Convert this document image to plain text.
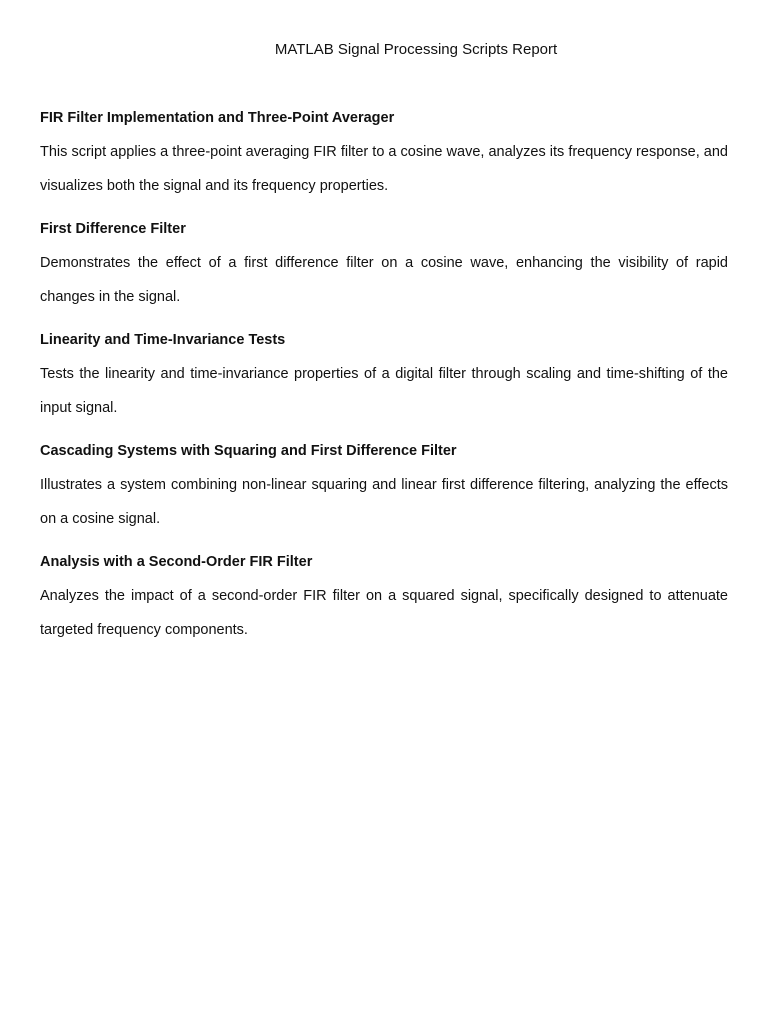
MATLAB Signal Processing Scripts Report
FIR Filter Implementation and Three-Point Averager

This script applies a three-point averaging FIR filter to a cosine wave, analyzes its frequency response, and visualizes both the signal and its frequency properties.

First Difference Filter

Demonstrates the effect of a first difference filter on a cosine wave, enhancing the visibility of rapid changes in the signal.

Linearity and Time-Invariance Tests

Tests the linearity and time-invariance properties of a digital filter through scaling and time-shifting of the input signal.

Cascading Systems with Squaring and First Difference Filter

Illustrates a system combining non-linear squaring and linear first difference filtering, analyzing the effects on a cosine signal.

Analysis with a Second-Order FIR Filter

Analyzes the impact of a second-order FIR filter on a squared signal, specifically designed to attenuate targeted frequency components.
